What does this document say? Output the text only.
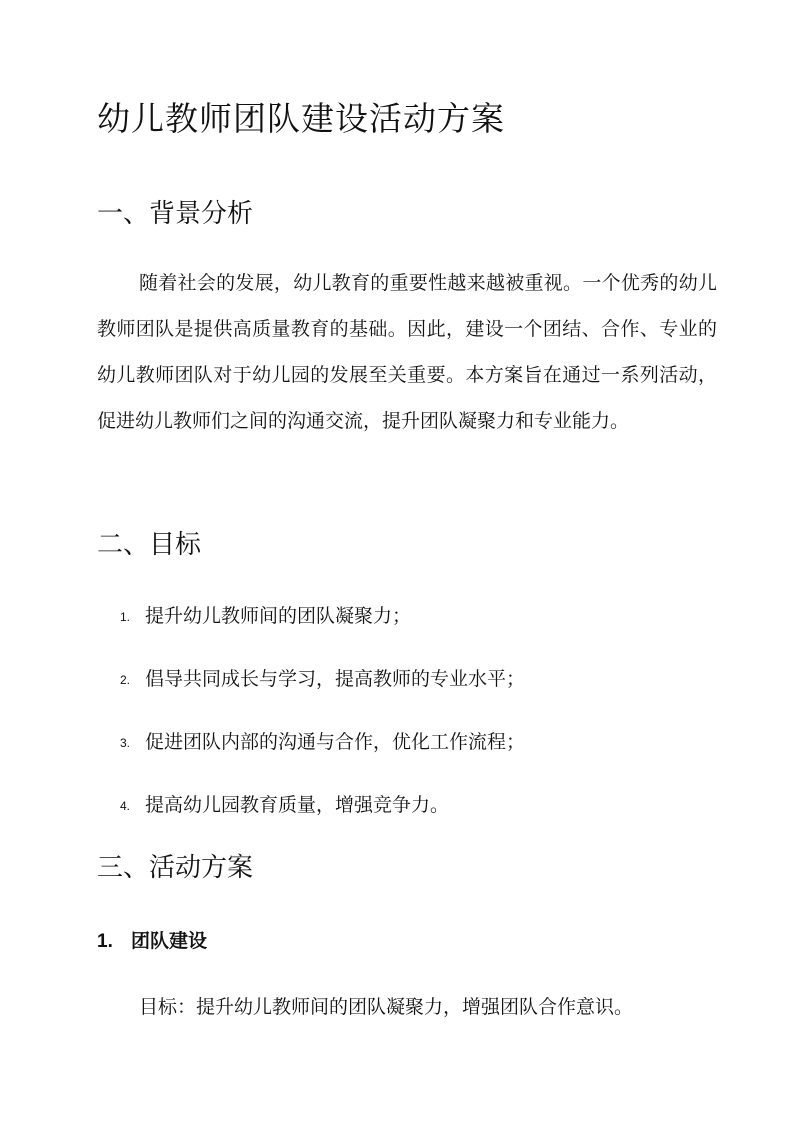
幼儿教师团队建设活动方案
一、背景分析

随着社会的发展，幼儿教育的重要性越来越被重视。一个优秀的幼儿教师团队是提供高质量教育的基础。因此，建设一个团结、合作、专业的幼儿教师团队对于幼儿园的发展至关重要。本方案旨在通过一系列活动，促进幼儿教师们之间的沟通交流，提升团队凝聚力和专业能力。

二、目标
1. 提升幼儿教师间的团队凝聚力；
2. 倡导共同成长与学习，提高教师的专业水平；
3. 促进团队内部的沟通与合作，优化工作流程；
4. 提高幼儿园教育质量，增强竞争力。
三、活动方案
1. 团队建设

目标：提升幼儿教师间的团队凝聚力，增强团队合作意识。
